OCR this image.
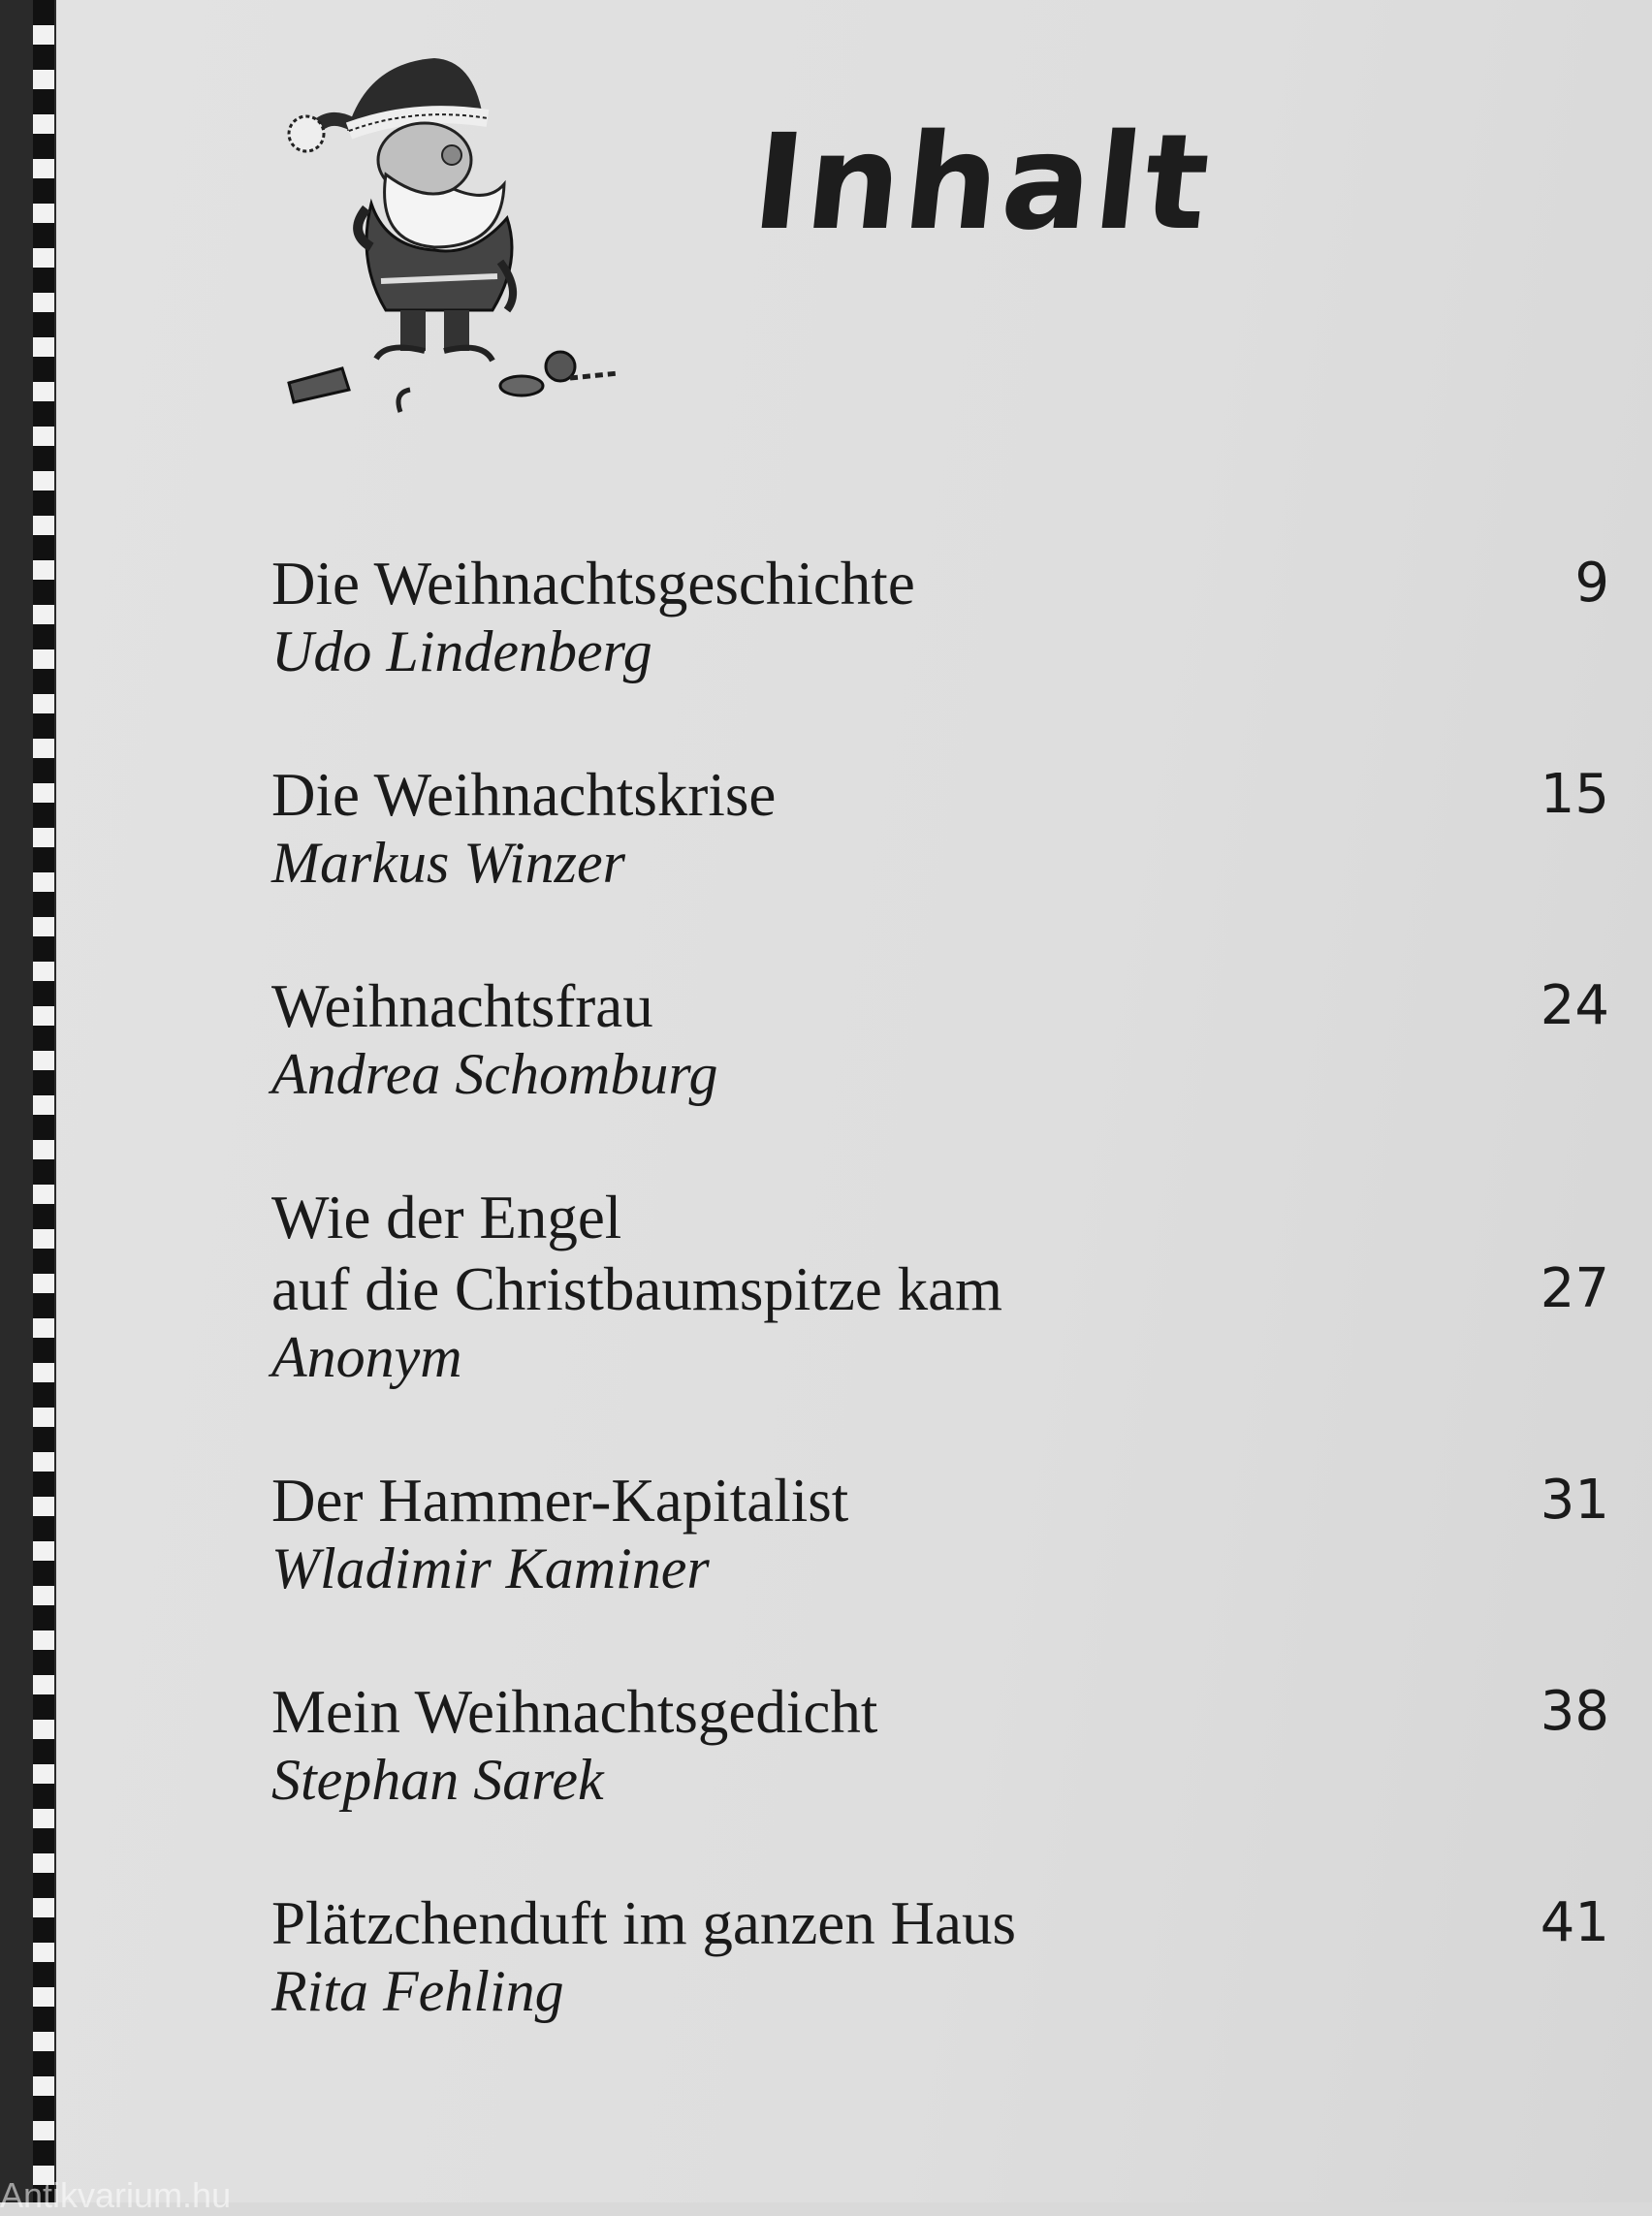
Inhalt
Die Weihnachtsgeschichte
Udo Lindenberg
9
Die Weihnachtskrise
Markus Winzer
15
Weihnachtsfrau
Andrea Schomburg
24
Wie der Engel
auf die Christbaumspitze kam
Anonym
27
Der Hammer-Kapitalist
Wladimir Kaminer
31
Mein Weihnachtsgedicht
Stephan Sarek
38
Plätzchenduft im ganzen Haus
Rita Fehling
41
Antikvarium.hu
